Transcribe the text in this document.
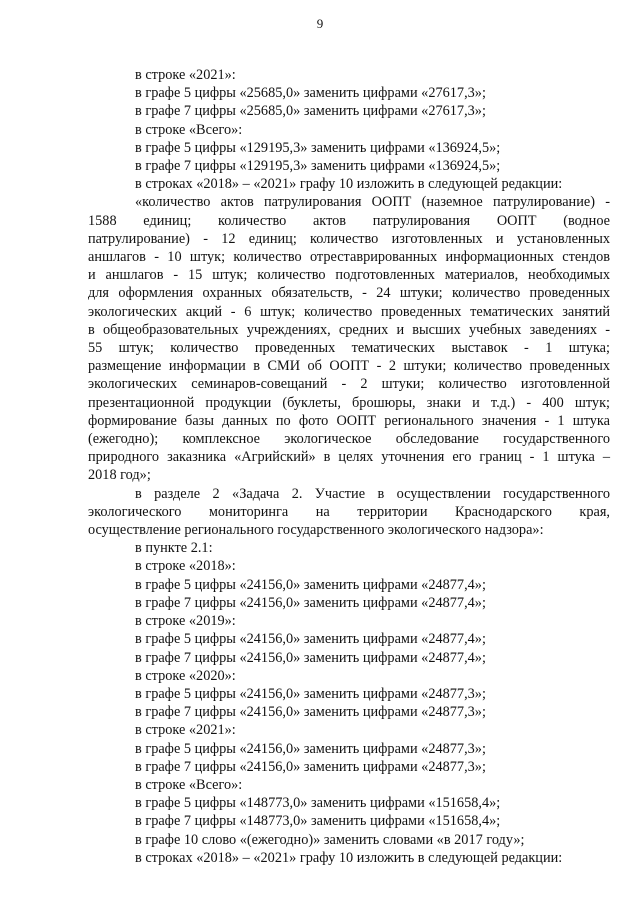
9
в строке «2021»:
в графе 5 цифры «25685,0» заменить цифрами «27617,3»;
в графе 7 цифры «25685,0» заменить цифрами «27617,3»;
в строке «Всего»:
в графе 5 цифры «129195,3» заменить цифрами «136924,5»;
в графе 7 цифры «129195,3» заменить цифрами «136924,5»;
в строках «2018» – «2021» графу 10 изложить в следующей редакции:
«количество актов патрулирования ООПТ (наземное патрулирование) -
1588 единиц; количество актов патрулирования ООПТ (водное
патрулирование) - 12 единиц; количество изготовленных и установленных
аншлагов - 10 штук; количество отреставрированных информационных стендов
и аншлагов - 15 штук; количество подготовленных материалов, необходимых
для оформления охранных обязательств, - 24 штуки; количество проведенных
экологических акций - 6 штук; количество проведенных тематических занятий
в общеобразовательных учреждениях, средних и высших учебных заведениях -
55 штук; количество проведенных тематических выставок - 1 штука;
размещение информации в СМИ об ООПТ - 2 штуки; количество проведенных
экологических семинаров-совещаний - 2 штуки; количество изготовленной
презентационной продукции (буклеты, брошюры, знаки и т.д.) - 400 штук;
формирование базы данных по фото ООПТ регионального значения - 1 штука
(ежегодно); комплексное экологическое обследование государственного
природного заказника «Агрийский» в целях уточнения его границ - 1 штука –
2018 год»;
в разделе 2 «Задача 2. Участие в осуществлении государственного
экологического мониторинга на территории Краснодарского края,
осуществление регионального государственного экологического надзора»:
в пункте 2.1:
в строке «2018»:
в графе 5 цифры «24156,0» заменить цифрами «24877,4»;
в графе 7 цифры «24156,0» заменить цифрами «24877,4»;
в строке «2019»:
в графе 5 цифры «24156,0» заменить цифрами «24877,4»;
в графе 7 цифры «24156,0» заменить цифрами «24877,4»;
в строке «2020»:
в графе 5 цифры «24156,0» заменить цифрами «24877,3»;
в графе 7 цифры «24156,0» заменить цифрами «24877,3»;
в строке «2021»:
в графе 5 цифры «24156,0» заменить цифрами «24877,3»;
в графе 7 цифры «24156,0» заменить цифрами «24877,3»;
в строке «Всего»:
в графе 5 цифры «148773,0» заменить цифрами «151658,4»;
в графе 7 цифры «148773,0» заменить цифрами «151658,4»;
в графе 10 слово «(ежегодно)» заменить словами «в 2017 году»;
в строках «2018» – «2021» графу 10 изложить в следующей редакции:
